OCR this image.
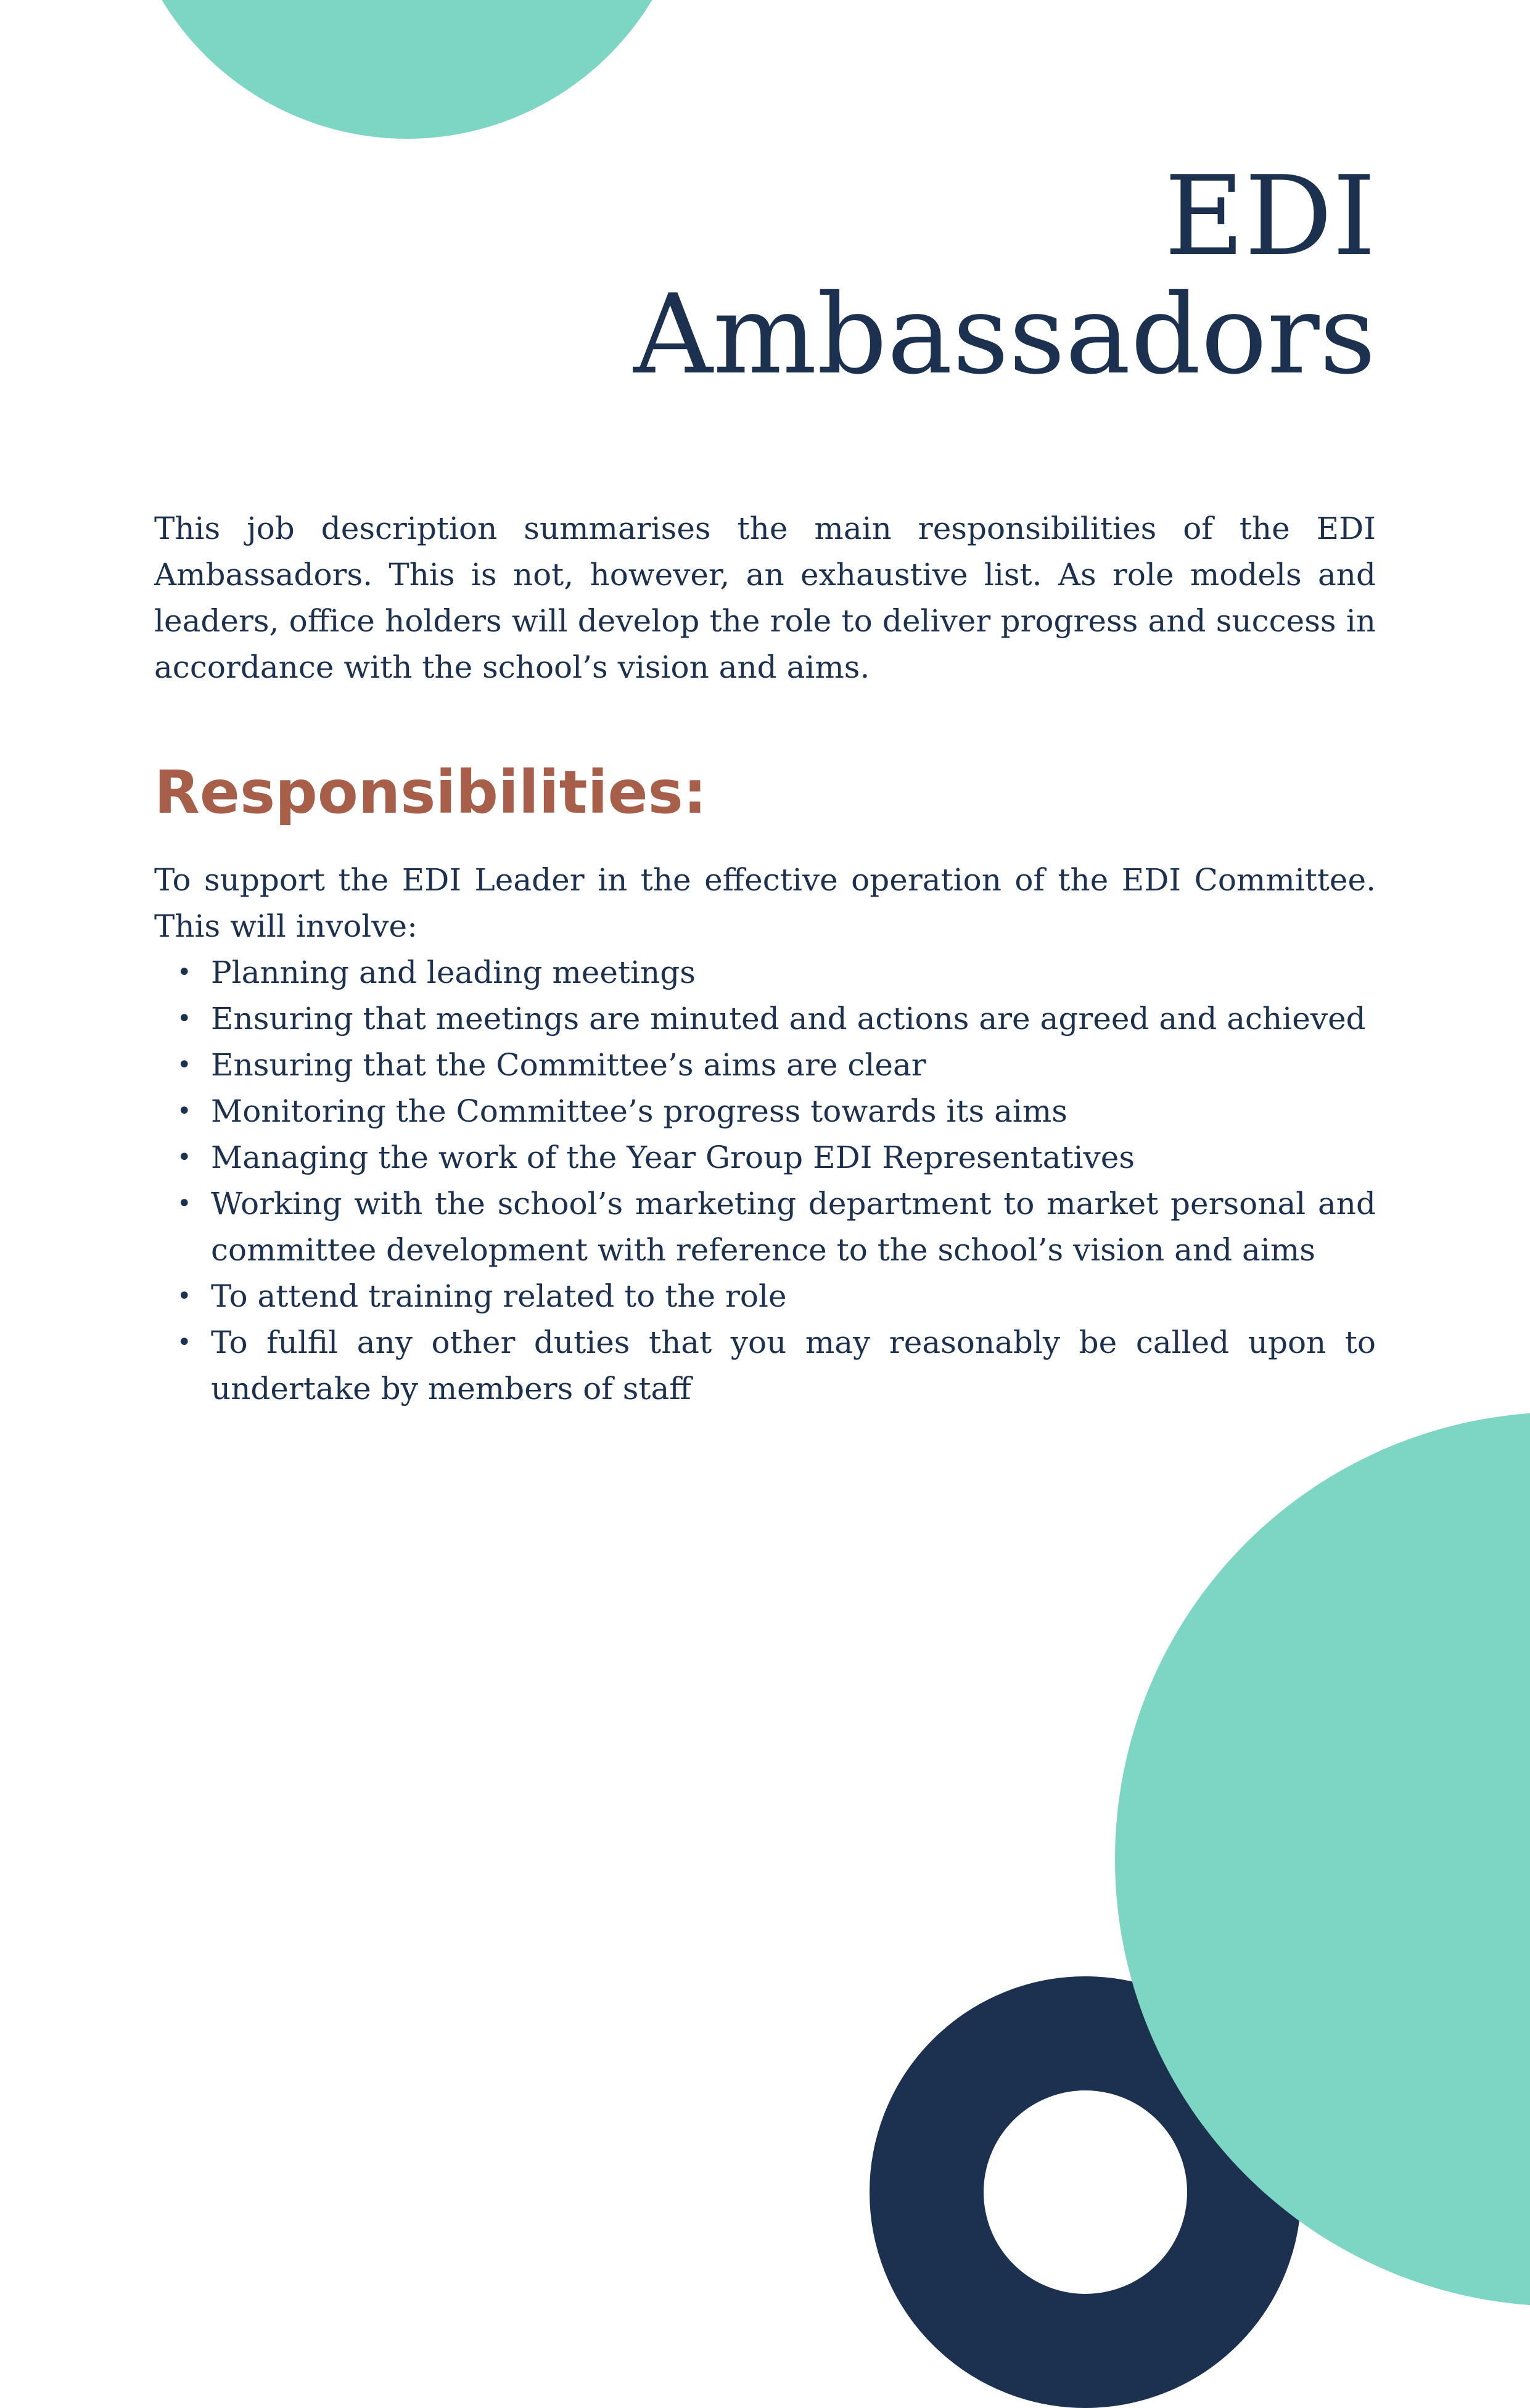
EDI
Ambassadors

This job description summarises the main responsibilities of the EDI Ambassadors. This is not, however, an exhaustive list. As role models and leaders, office holders will develop the role to deliver progress and success in accordance with the school’s vision and aims.

Responsibilities:

To support the EDI Leader in the effective operation of the EDI Committee. This will involve:

• Planning and leading meetings
• Ensuring that meetings are minuted and actions are agreed and achieved
• Ensuring that the Committee’s aims are clear
• Monitoring the Committee’s progress towards its aims
• Managing the work of the Year Group EDI Representatives
• Working with the school’s marketing department to market personal and committee development with reference to the school’s vision and aims
• To attend training related to the role
• To fulfil any other duties that you may reasonably be called upon to undertake by members of staff
